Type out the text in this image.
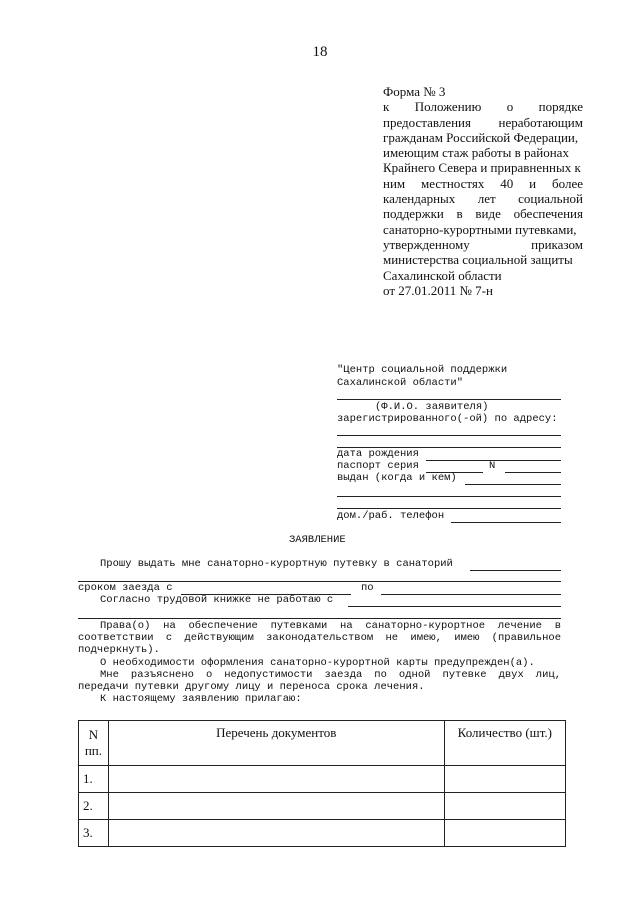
18
Форма № 3
к Положению о порядке
предоставления неработающим
гражданам Российской Федерации,
имеющим стаж работы в районах
Крайнего Севера и приравненных к
ним местностях 40 и более
календарных лет социальной
поддержки в виде обеспечения
санаторно-курортными путевками,
утвержденному приказом
министерства социальной защиты
Сахалинской области
от 27.01.2011 № 7-н
"Центр социальной поддержки
Сахалинской области"
(Ф.И.О. заявителя)
зарегистрированного(-ой) по адресу:
дата рождения
паспорт серия	N
выдан (когда и кем)
дом./раб. телефон
ЗАЯВЛЕНИЕ
Прошу выдать мне санаторно-курортную путевку в санаторий
сроком заезда с	по
Согласно трудовой книжке не работаю с
Права(о) на обеспечение путевками на санаторно-курортное лечение в
соответствии с действующим законодательством не имею, имею (правильное
подчеркнуть).
О необходимости оформления санаторно-курортной карты предупрежден(а).
Мне разъяснено о недопустимости заезда по одной путевке двух лиц,
передачи путевки другому лицу и переноса срока лечения.
К настоящему заявлению прилагаю:
N
пп.	Перечень документов	Количество (шт.)
1.		
2.		
3.		
